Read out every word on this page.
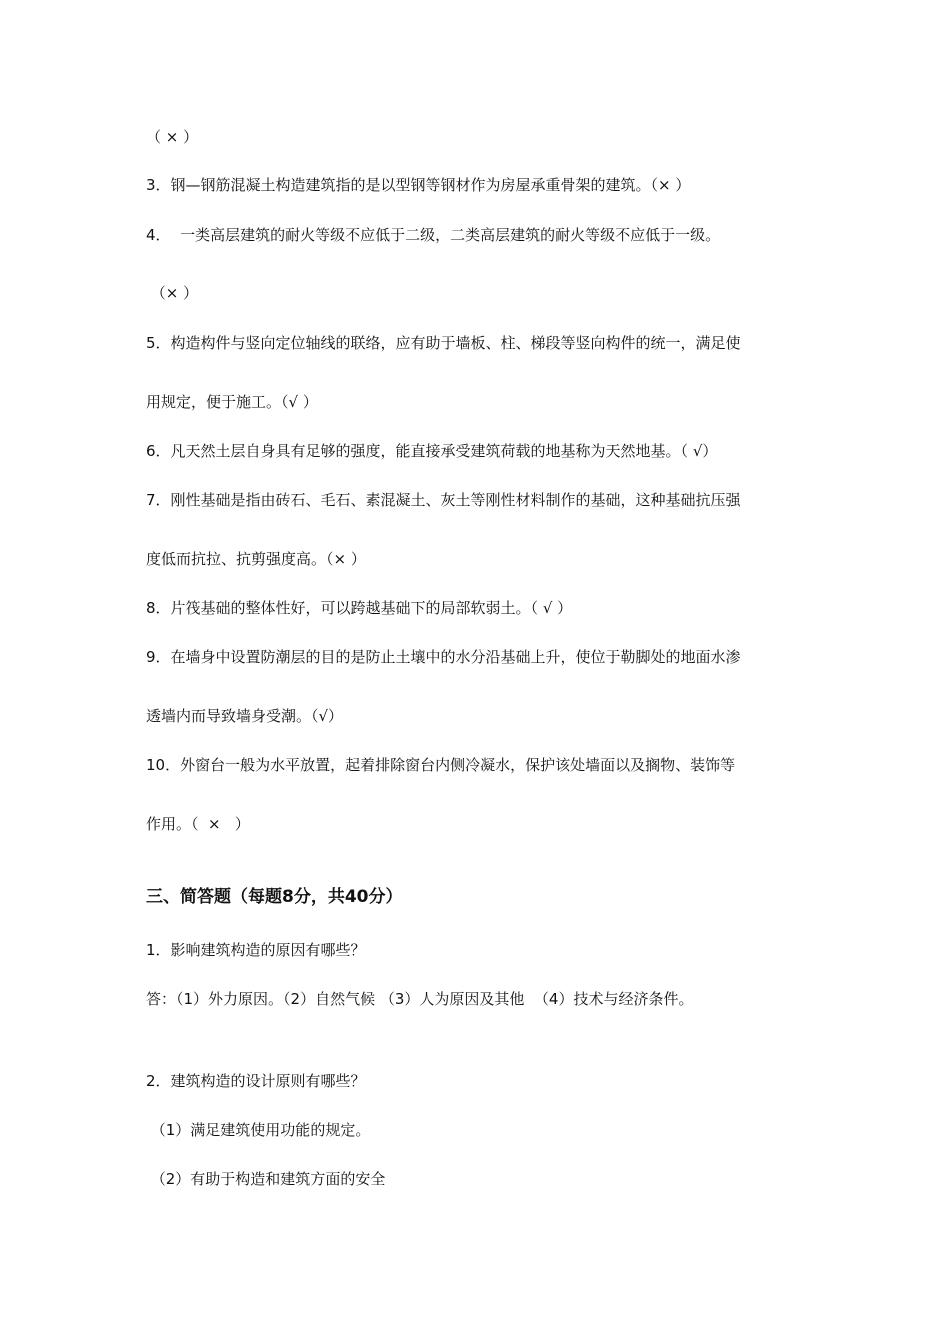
（ × ）

3．钢—钢筋混凝土构造建筑指的是以型钢等钢材作为房屋承重骨架的建筑。（× ）

4．  一类高层建筑的耐火等级不应低于二级，二类高层建筑的耐火等级不应低于一级。

（× ）

5．构造构件与竖向定位轴线的联络，应有助于墙板、柱、梯段等竖向构件的统一，满足使

用规定，便于施工。（√ ）

6．凡天然土层自身具有足够的强度，能直接承受建筑荷载的地基称为天然地基。（ √）

7．刚性基础是指由砖石、毛石、素混凝土、灰土等刚性材料制作的基础，这种基础抗压强

度低而抗拉、抗剪强度高。（× ）

8．片筏基础的整体性好，可以跨越基础下的局部软弱土。（ √ ）

9．在墙身中设置防潮层的目的是防止土壤中的水分沿基础上升，使位于勒脚处的地面水渗

透墙内而导致墙身受潮。（√）

10．外窗台一般为水平放置，起着排除窗台内侧冷凝水，保护该处墙面以及搁物、装饰等

作用。（  ×   ）

三、简答题（每题8分，共40分）

1．影响建筑构造的原因有哪些？

答：（1）外力原因。（2）自然气候 （3）人为原因及其他  （4）技术与经济条件。

2．建筑构造的设计原则有哪些？

（1）满足建筑使用功能的规定。

（2）有助于构造和建筑方面的安全
